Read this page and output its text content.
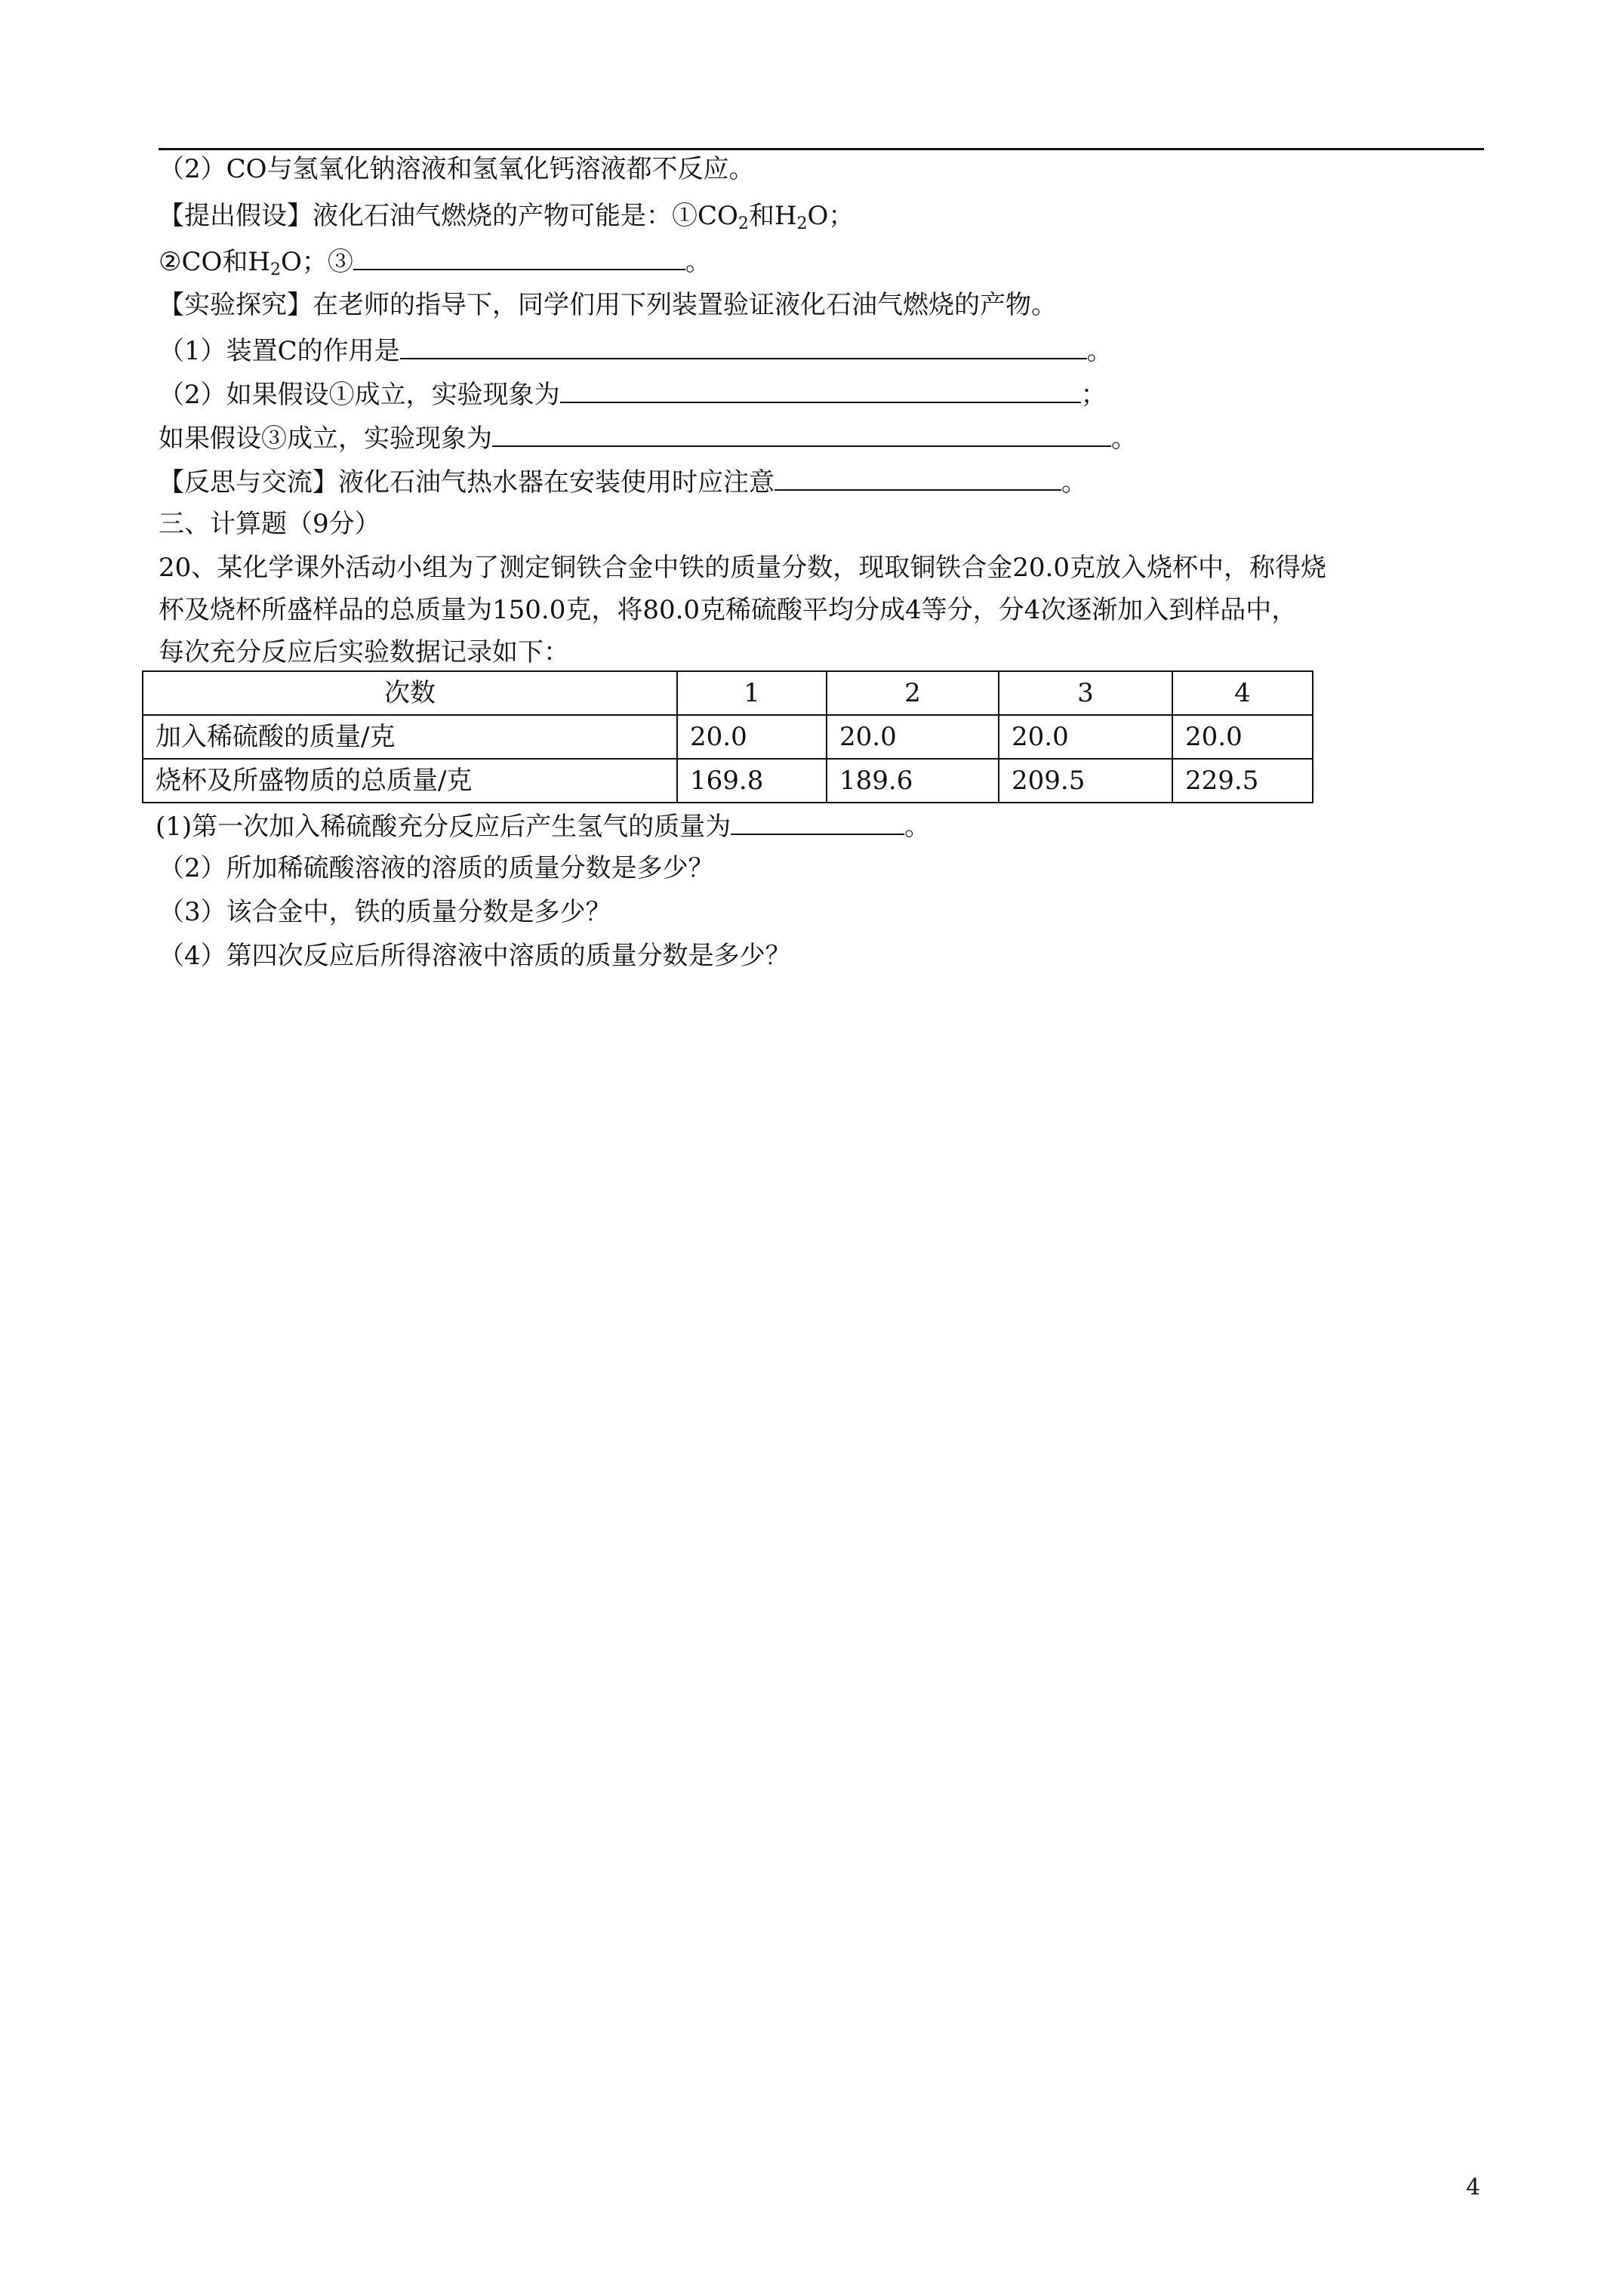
（2）CO与氢氧化钠溶液和氢氧化钙溶液都不反应。
【提出假设】液化石油气燃烧的产物可能是：$①CO_2$和$H_2O$；
②CO和$H_2O$；③	。
【实验探究】在老师的指导下，同学们用下列装置验证液化石油气燃烧的产物。
（1）装置C的作用是	。
（2）如果假设①成立，实验现象为	；
如果假设③成立，实验现象为	。
【反思与交流】液化石油气热水器在安装使用时应注意	。
三、计算题（9分）
20、某化学课外活动小组为了测定铜铁合金中铁的质量分数，现取铜铁合金20.0克放入烧杯中，称得烧
杯及烧杯所盛样品的总质量为150.0克，将80.0克稀硫酸平均分成4等分，分4次逐渐加入到样品中，
每次充分反应后实验数据记录如下：
次数	1	2	3	4
加入稀硫酸的质量/克	20.0	20.0	20.0	20.0
烧杯及所盛物质的总质量/克	169.8	189.6	209.5	229.5
(1)第一次加入稀硫酸充分反应后产生氢气的质量为	。
（2）所加稀硫酸溶液的溶质的质量分数是多少？
（3）该合金中，铁的质量分数是多少？
（4）第四次反应后所得溶液中溶质的质量分数是多少？
4
